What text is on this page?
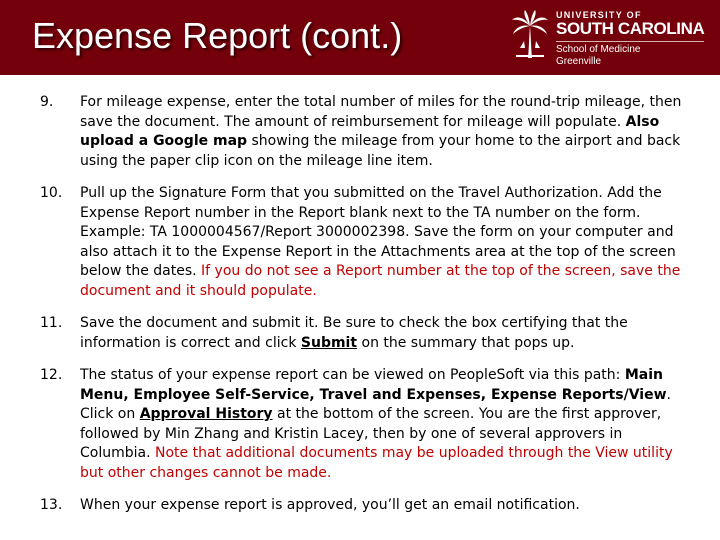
Expense Report (cont.)	UNIVERSITY OF
SOUTH CAROLINA
School of Medicine
Greenville
9.	For mileage expense, enter the total number of miles for the round-trip mileage, then save the document. The amount of reimbursement for mileage will populate. Also upload a Google map showing the mileage from your home to the airport and back using the paper clip icon on the mileage line item.
10.	Pull up the Signature Form that you submitted on the Travel Authorization. Add the Expense Report number in the Report blank next to the TA number on the form. Example: TA 1000004567/Report 3000002398. Save the form on your computer and also attach it to the Expense Report in the Attachments area at the top of the screen below the dates. If you do not see a Report number at the top of the screen, save the document and it should populate.
11.	Save the document and submit it. Be sure to check the box certifying that the information is correct and click Submit on the summary that pops up.
12.	The status of your expense report can be viewed on PeopleSoft via this path: Main Menu, Employee Self-Service, Travel and Expenses, Expense Reports/View. Click on Approval History at the bottom of the screen. You are the first approver, followed by Min Zhang and Kristin Lacey, then by one of several approvers in Columbia. Note that additional documents may be uploaded through the View utility but other changes cannot be made.
13.	When your expense report is approved, you’ll get an email notification.
